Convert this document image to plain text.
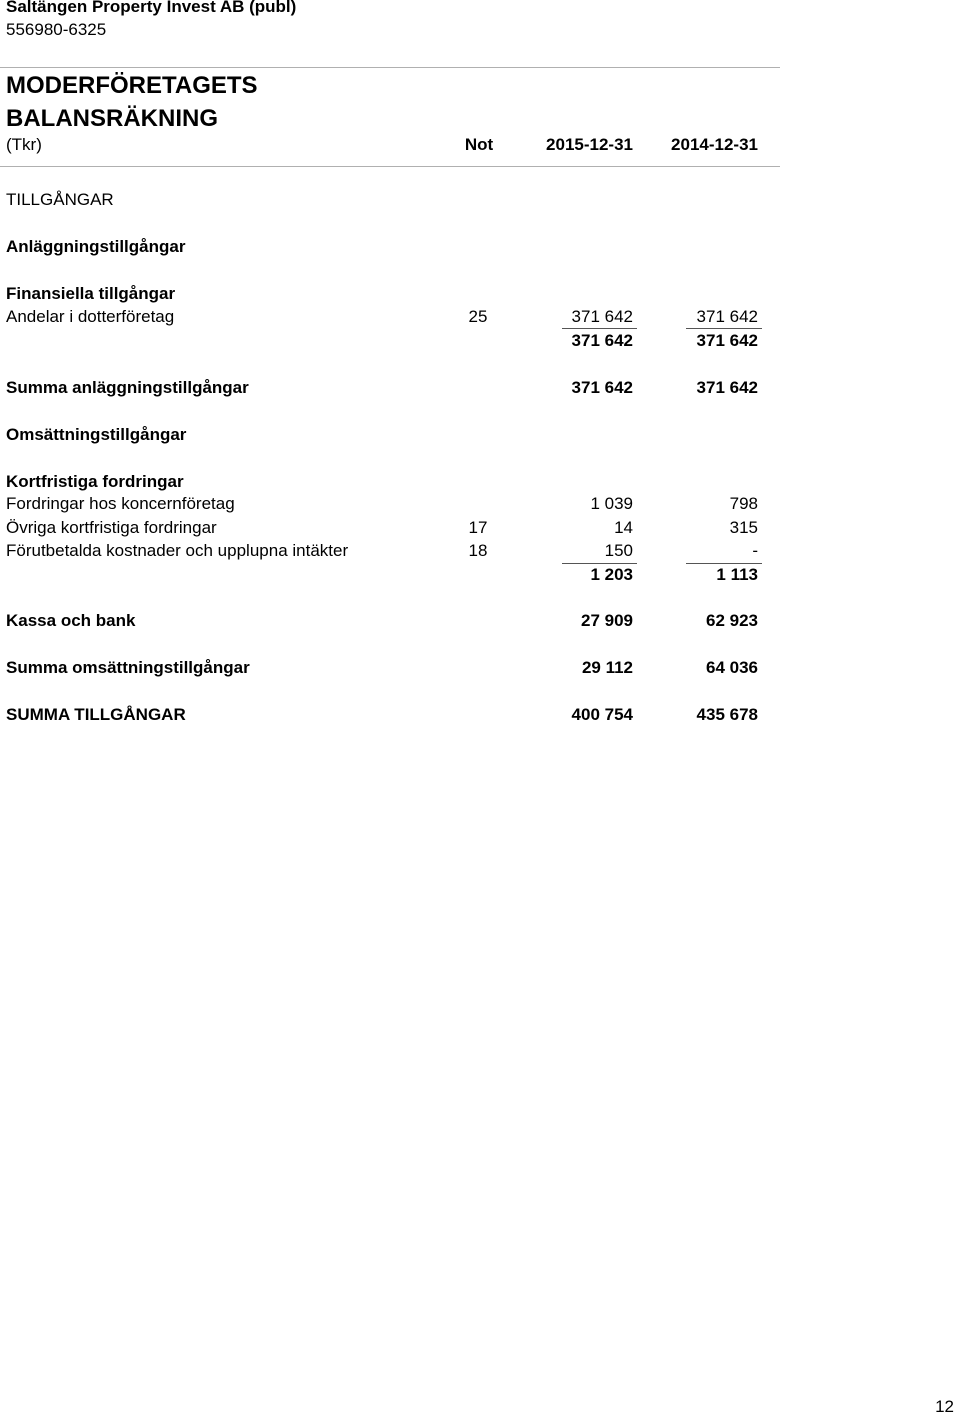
Saltängen Property Invest AB (publ)
556980-6325
MODERFÖRETAGETS
BALANSRÄKNING
(Tkr)	Not	2015-12-31 2014-12-31
TILLGÅNGAR
Anläggningstillgångar
Finansiella tillgångar
Andelar i dotterföretag	25	371 642	371 642
371 642	371 642
Summa anläggningstillgångar	371 642	371 642
Omsättningstillgångar
Kortfristiga fordringar
Fordringar hos koncernföretag	1 039	798
Övriga kortfristiga fordringar	17	14	315
Förutbetalda kostnader och upplupna intäkter	18	150	-
1 203	1 113
Kassa och bank	27 909	62 923
Summa omsättningstillgångar	29 112	64 036
SUMMA TILLGÅNGAR	400 754	435 678
12
